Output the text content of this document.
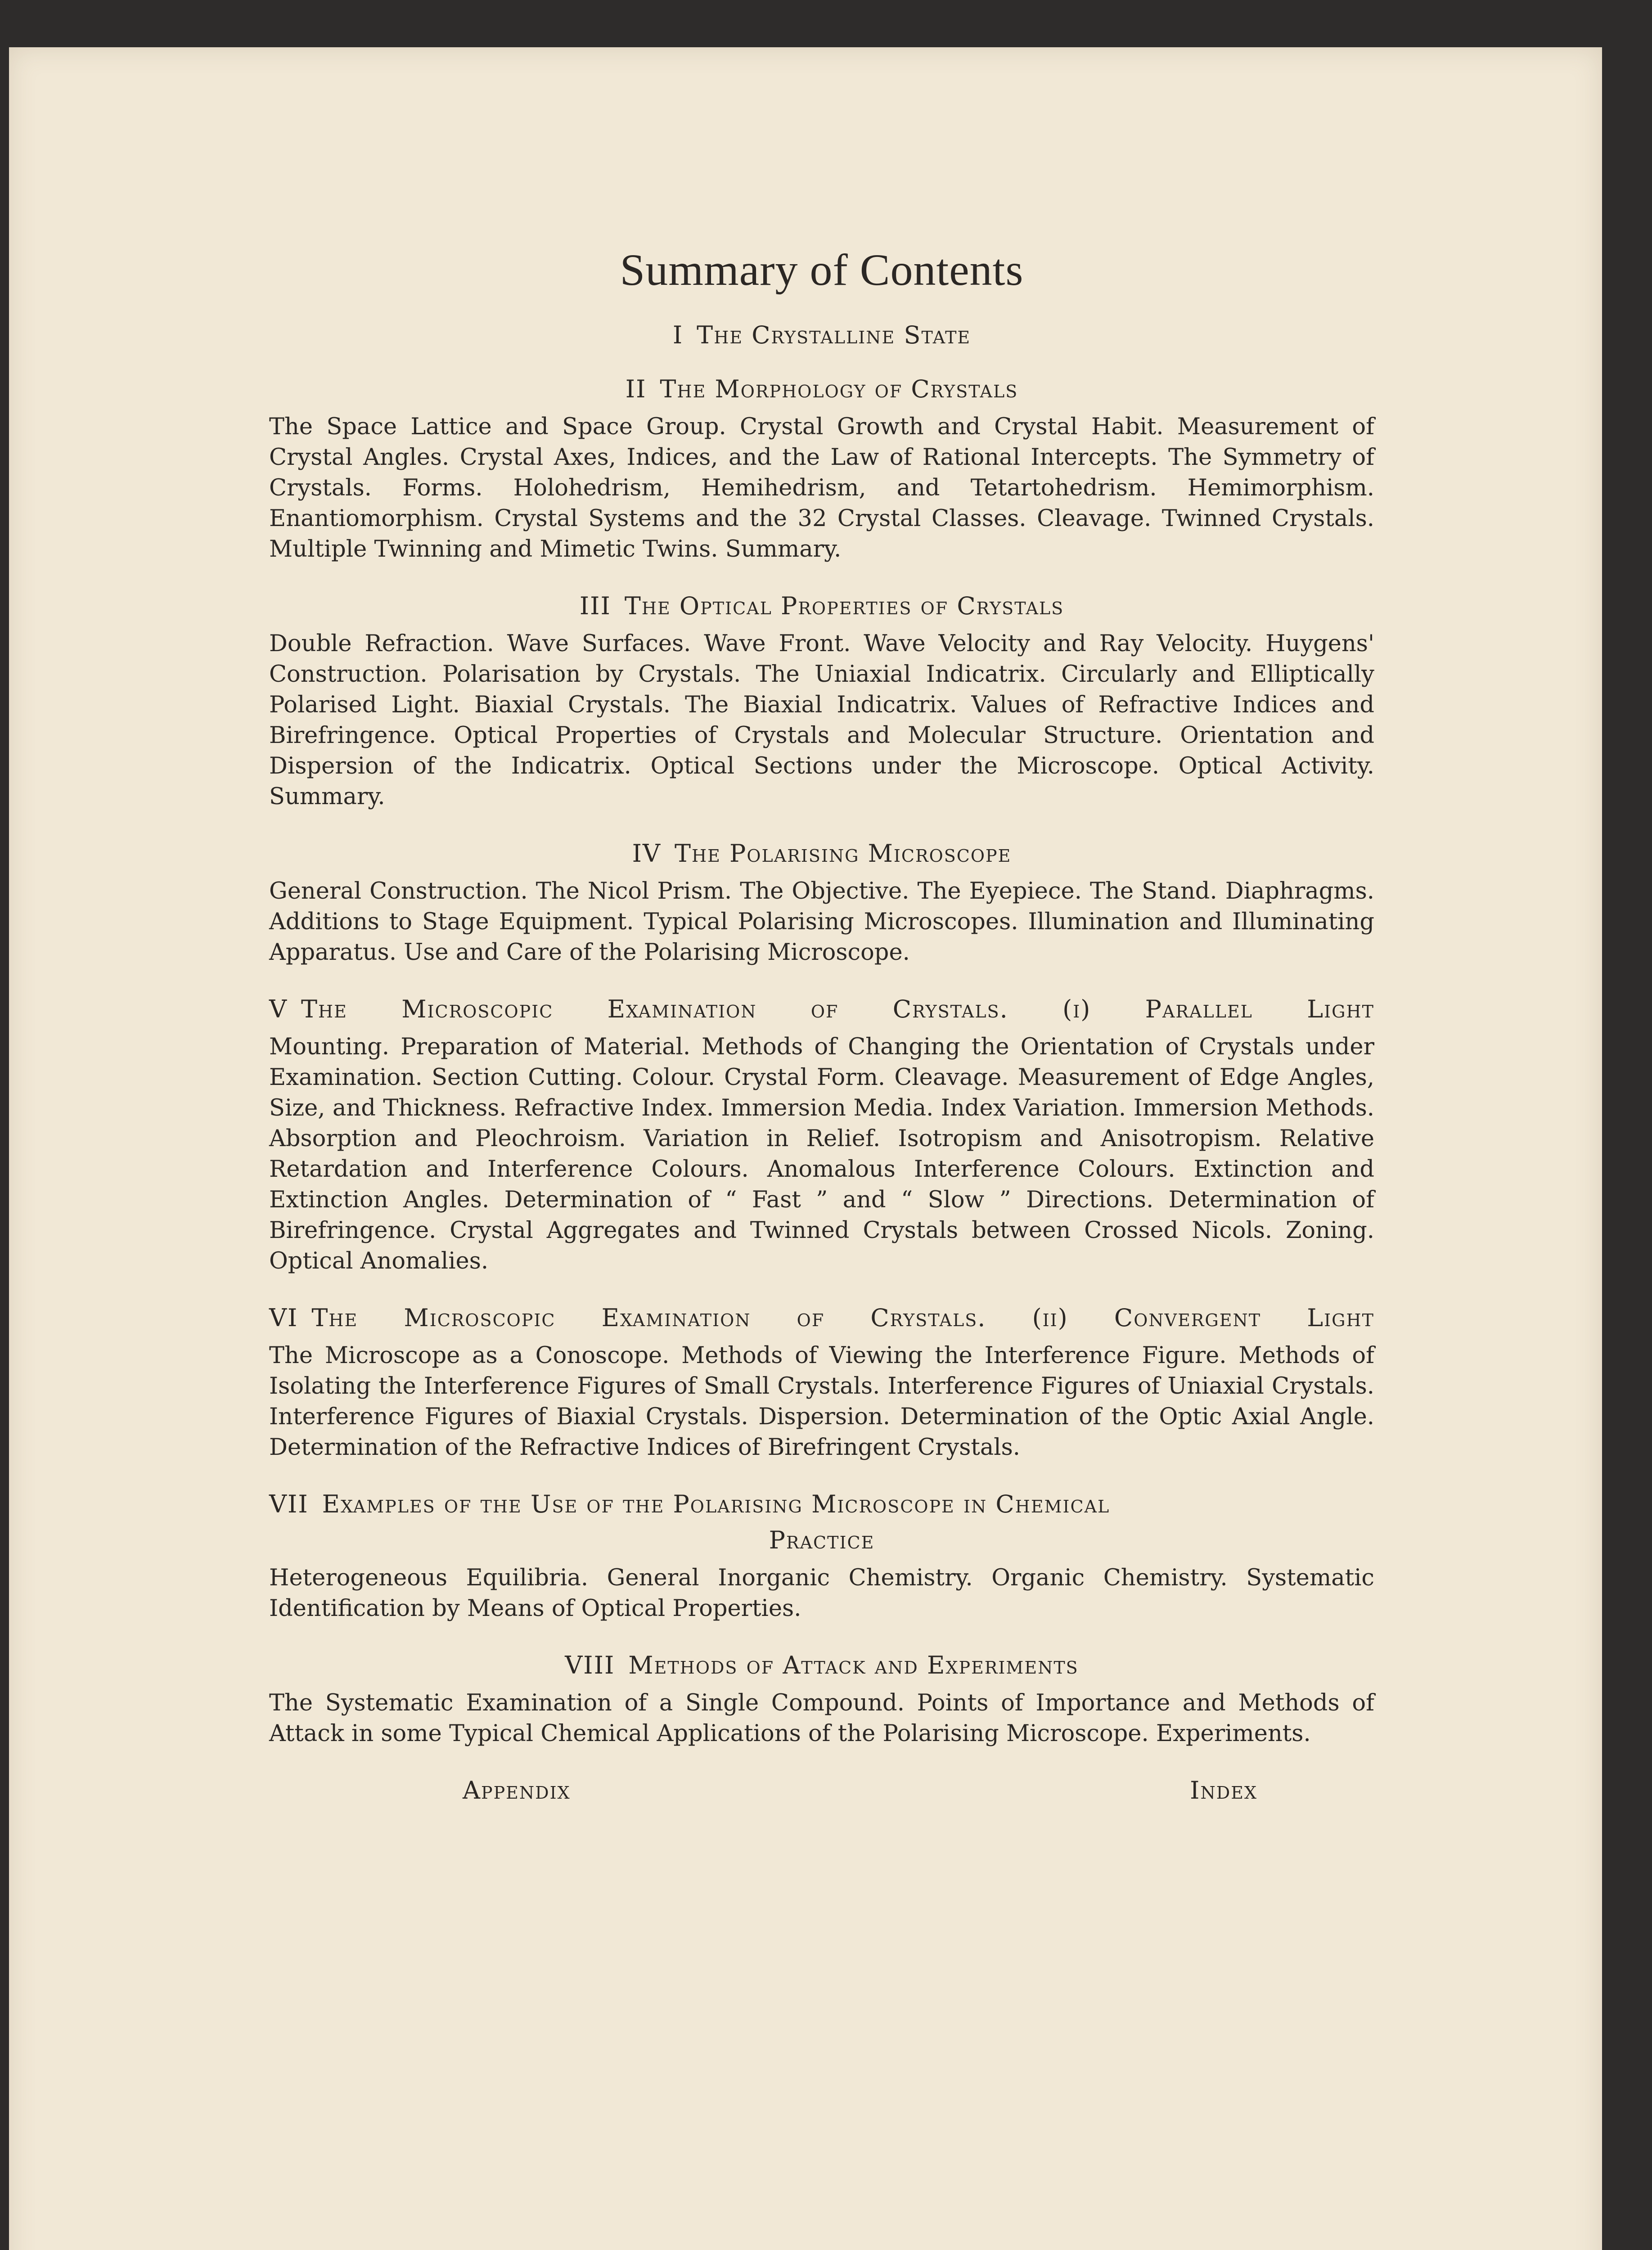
Summary of Contents
I The Crystalline State
II The Morphology of Crystals

The Space Lattice and Space Group. Crystal Growth and Crystal Habit. Measurement of Crystal Angles. Crystal Axes, Indices, and the Law of Rational Intercepts. The Symmetry of Crystals. Forms. Holohedrism, Hemihedrism, and Tetartohedrism. Hemimorphism. Enantiomorphism. Crystal Systems and the 32 Crystal Classes. Cleavage. Twinned Crystals. Multiple Twinning and Mimetic Twins. Summary.

III The Optical Properties of Crystals

Double Refraction. Wave Surfaces. Wave Front. Wave Velocity and Ray Velocity. Huygens' Construction. Polarisation by Crystals. The Uniaxial Indicatrix. Circularly and Elliptically Polarised Light. Biaxial Crystals. The Biaxial Indicatrix. Values of Refractive Indices and Birefringence. Optical Properties of Crystals and Molecular Structure. Orientation and Dispersion of the Indicatrix. Optical Sections under the Microscope. Optical Activity. Summary.

IV The Polarising Microscope

General Construction. The Nicol Prism. The Objective. The Eyepiece. The Stand. Diaphragms. Additions to Stage Equipment. Typical Polarising Microscopes. Illumination and Illuminating Apparatus. Use and Care of the Polarising Microscope.

V The Microscopic Examination of Crystals. (i) Parallel Light

Mounting. Preparation of Material. Methods of Changing the Orientation of Crystals under Examination. Section Cutting. Colour. Crystal Form. Cleavage. Measurement of Edge Angles, Size, and Thickness. Refractive Index. Immersion Media. Index Variation. Immersion Methods. Absorption and Pleochroism. Variation in Relief. Isotropism and Anisotropism. Relative Retardation and Interference Colours. Anomalous Interference Colours. Extinction and Extinction Angles. Determination of “ Fast ” and “ Slow ” Directions. Determination of Birefringence. Crystal Aggregates and Twinned Crystals between Crossed Nicols. Zoning. Optical Anomalies.

VI The Microscopic Examination of Crystals. (ii) Convergent Light

The Microscope as a Conoscope. Methods of Viewing the Interference Figure. Methods of Isolating the Interference Figures of Small Crystals. Interference Figures of Uniaxial Crystals. Interference Figures of Biaxial Crystals. Dispersion. Determination of the Optic Axial Angle. Determination of the Refractive Indices of Birefringent Crystals.

VII Examples of the Use of the Polarising Microscope in Chemical
Practice

Heterogeneous Equilibria. General Inorganic Chemistry. Organic Chemistry. Systematic Identification by Means of Optical Properties.

VIII Methods of Attack and Experiments

The Systematic Examination of a Single Compound. Points of Importance and Methods of Attack in some Typical Chemical Applications of the Polarising Microscope. Experiments.

Appendix	Index
